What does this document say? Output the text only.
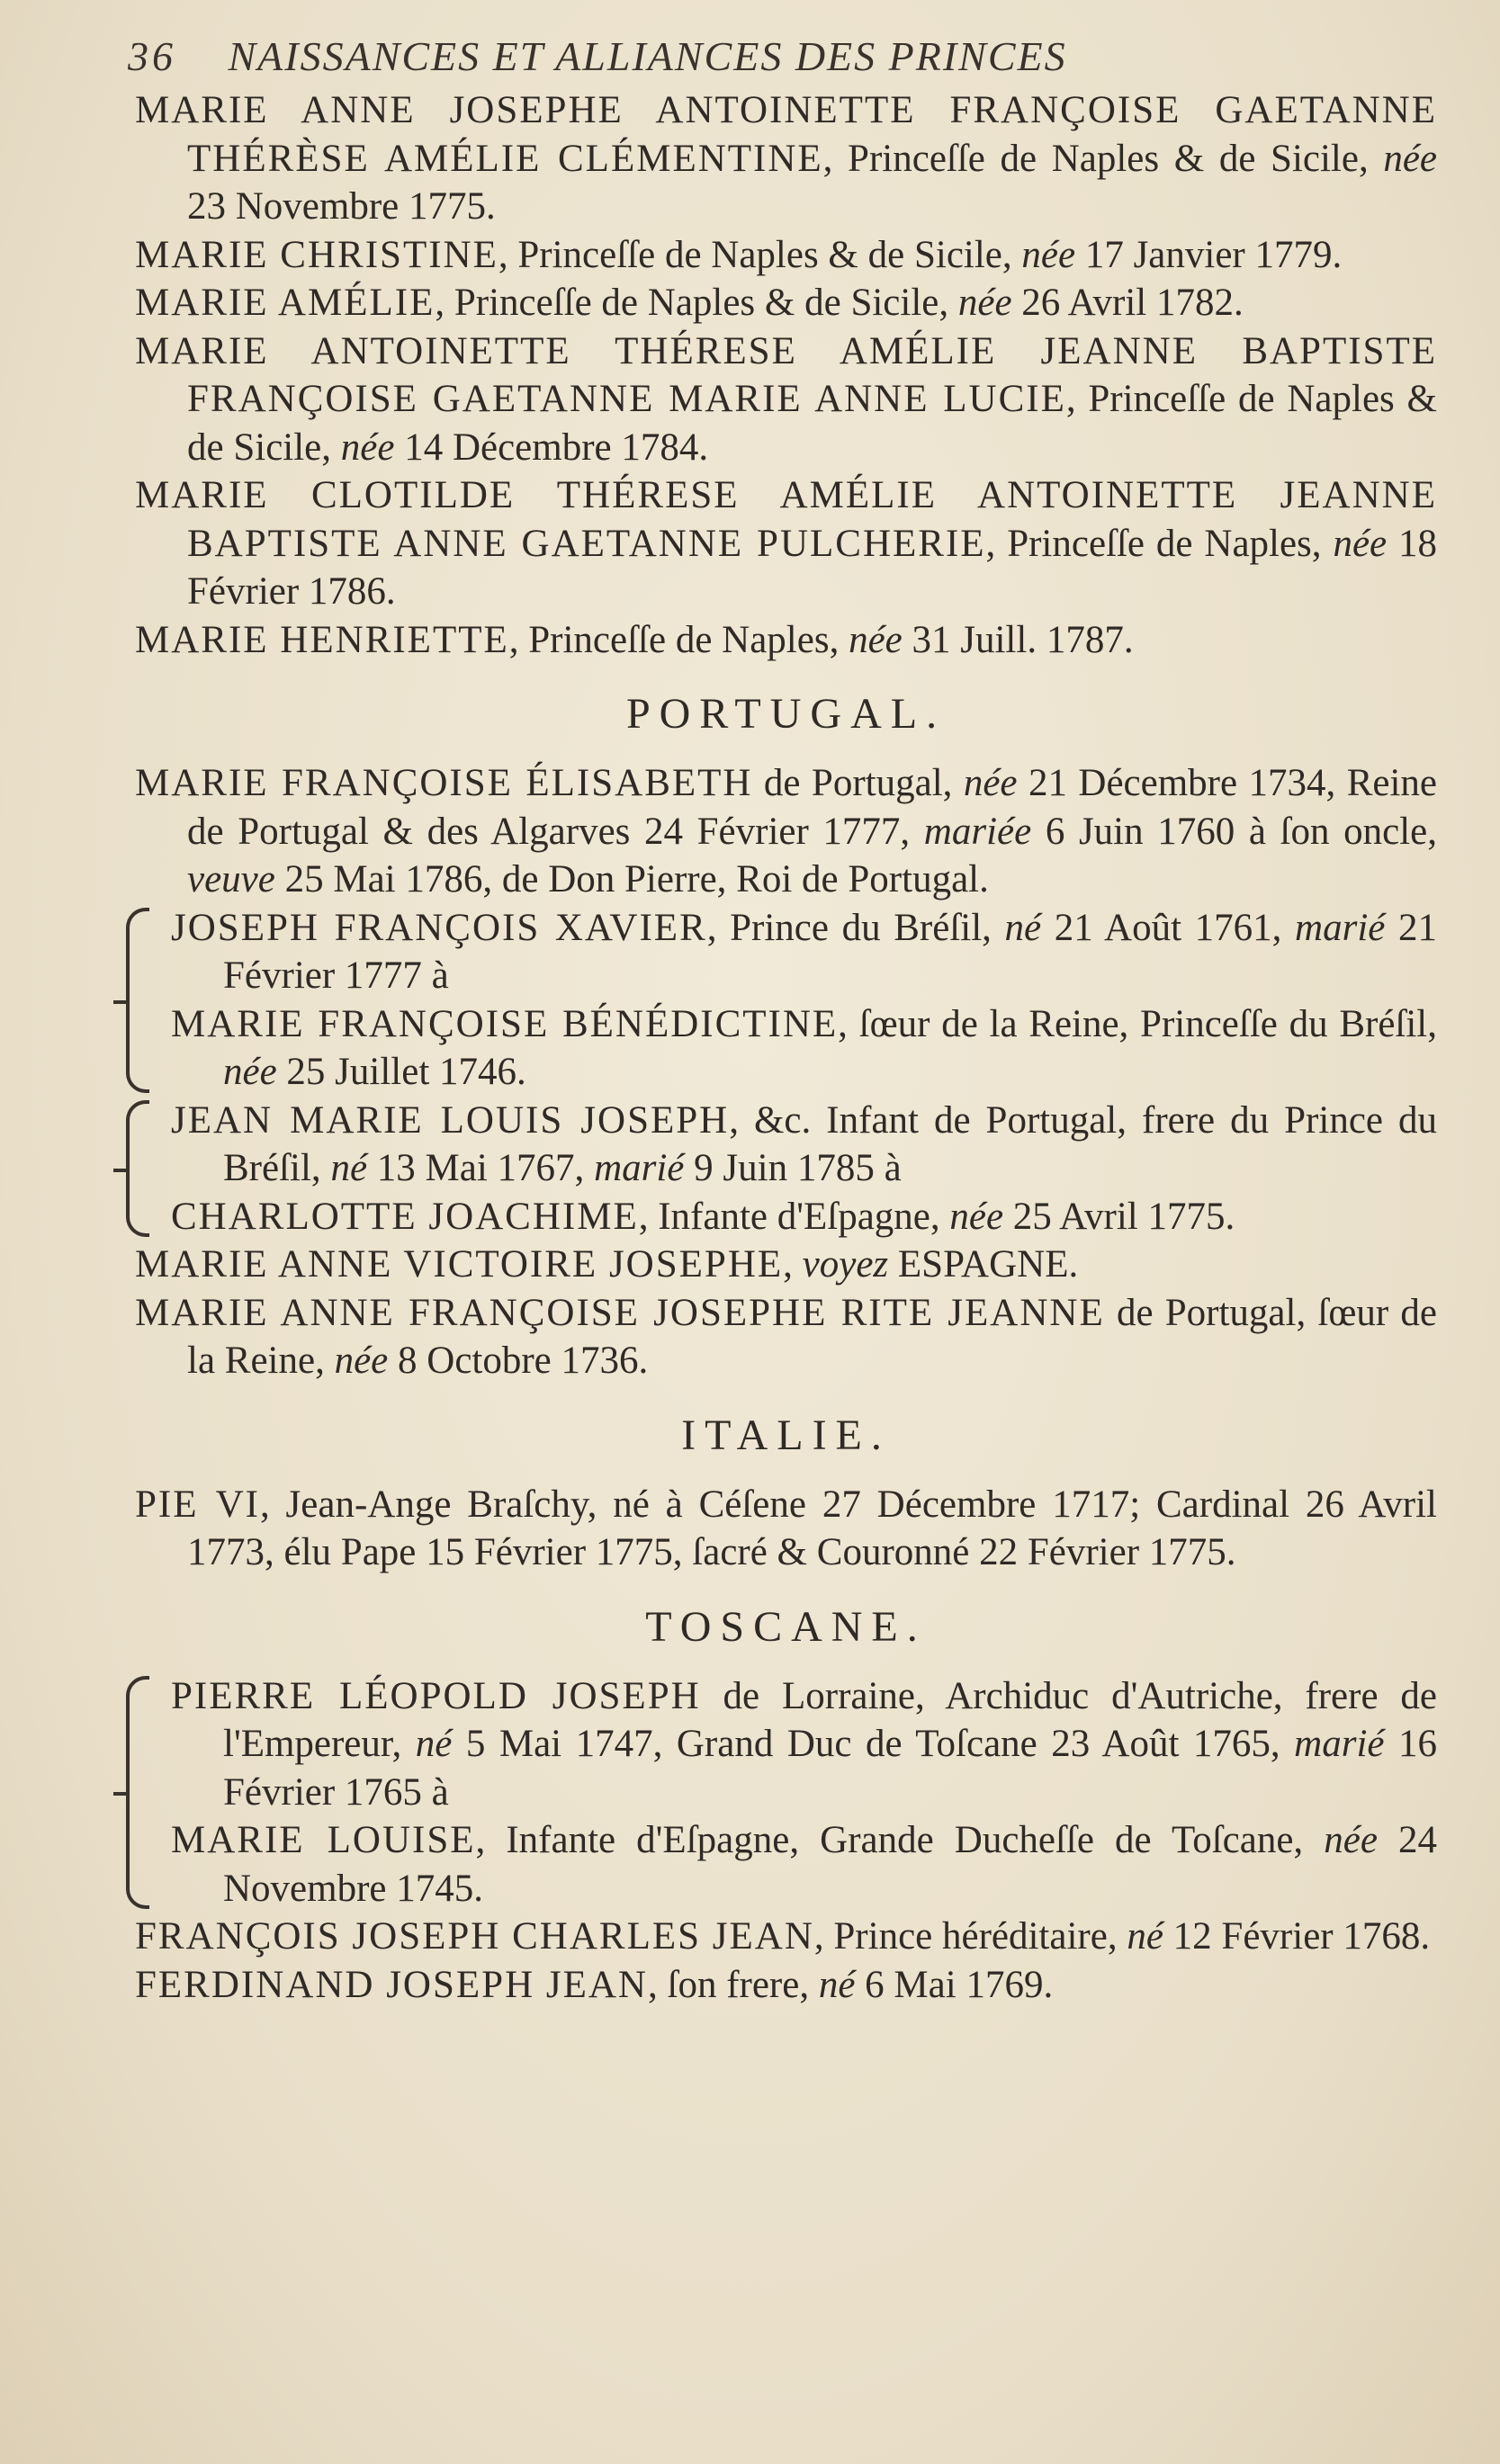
36 NAISSANCES ET ALLIANCES DES PRINCES

MARIE ANNE JOSEPHE ANTOINETTE FRANÇOISE GAETANNE THÉRÈSE AMÉLIE CLÉMENTINE, Princeſſe de Naples & de Sicile, née 23 Novembre 1775.

MARIE CHRISTINE, Princeſſe de Naples & de Sicile, née 17 Janvier 1779.

MARIE AMÉLIE, Princeſſe de Naples & de Sicile, née 26 Avril 1782.

MARIE ANTOINETTE THÉRESE AMÉLIE JEANNE BAPTISTE FRANÇOISE GAETANNE MARIE ANNE LUCIE, Princeſſe de Naples & de Sicile, née 14 Décembre 1784.

MARIE CLOTILDE THÉRESE AMÉLIE ANTOINETTE JEANNE BAPTISTE ANNE GAETANNE PULCHERIE, Princeſſe de Naples, née 18 Février 1786.

MARIE HENRIETTE, Princeſſe de Naples, née 31 Juill. 1787.

PORTUGAL.

MARIE FRANÇOISE ÉLISABETH de Portugal, née 21 Décembre 1734, Reine de Portugal & des Algarves 24 Février 1777, mariée 6 Juin 1760 à ſon oncle, veuve 25 Mai 1786, de Don Pierre, Roi de Portugal.

JOSEPH FRANÇOIS XAVIER, Prince du Bréſil, né 21 Août 1761, marié 21 Février 1777 à

MARIE FRANÇOISE BÉNÉDICTINE, ſœur de la Reine, Princeſſe du Bréſil, née 25 Juillet 1746.

JEAN MARIE LOUIS JOSEPH, &c. Infant de Portugal, frere du Prince du Bréſil, né 13 Mai 1767, marié 9 Juin 1785 à

CHARLOTTE JOACHIME, Infante d'Eſpagne, née 25 Avril 1775.

MARIE ANNE VICTOIRE JOSEPHE, voyez ESPAGNE.

MARIE ANNE FRANÇOISE JOSEPHE RITE JEANNE de Portugal, ſœur de la Reine, née 8 Octobre 1736.

ITALIE.

PIE VI, Jean-Ange Braſchy, né à Céſene 27 Décembre 1717; Cardinal 26 Avril 1773, élu Pape 15 Février 1775, ſacré & Couronné 22 Février 1775.

TOSCANE.

PIERRE LÉOPOLD JOSEPH de Lorraine, Archiduc d'Autriche, frere de l'Empereur, né 5 Mai 1747, Grand Duc de Toſcane 23 Août 1765, marié 16 Février 1765 à

MARIE LOUISE, Infante d'Eſpagne, Grande Ducheſſe de Toſcane, née 24 Novembre 1745.

FRANÇOIS JOSEPH CHARLES JEAN, Prince héréditaire, né 12 Février 1768.

FERDINAND JOSEPH JEAN, ſon frere, né 6 Mai 1769.
